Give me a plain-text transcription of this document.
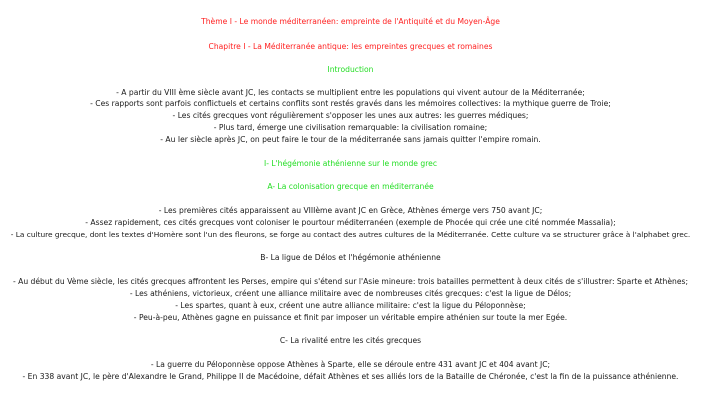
Thème I - Le monde méditerranéen: empreinte de l'Antiquité et du Moyen-Âge
Chapitre I - La Méditerranée antique: les empreintes grecques et romaines
Introduction
- A partir du VIII ème siècle avant JC, les contacts se multiplient entre les populations qui vivent autour de la Méditerranée;
- Ces rapports sont parfois conflictuels et certains conflits sont restés gravés dans les mémoires collectives: la mythique guerre de Troie;
- Les cités grecques vont régulièrement s'opposer les unes aux autres: les guerres médiques;
- Plus tard, émerge une civilisation remarquable: la civilisation romaine;
- Au Ier siècle après JC, on peut faire le tour de la méditerranée sans jamais quitter l'empire romain.
I- L'hégémonie athénienne sur le monde grec
A- La colonisation grecque en méditerranée
- Les premières cités apparaissent au VIIIème avant JC en Grèce, Athènes émerge vers 750 avant JC;
- Assez rapidement, ces cités grecques vont coloniser le pourtour méditerranéen (exemple de Phocée qui crée une cité nommée Massalia);
- La culture grecque, dont les textes d'Homère sont l'un des fleurons, se forge au contact des autres cultures de la Méditerranée. Cette culture va se structurer grâce à l'alphabet grec.
B- La ligue de Délos et l'hégémonie athénienne
- Au début du Vème siècle, les cités grecques affrontent les Perses, empire qui s'étend sur l'Asie mineure: trois batailles permettent à deux cités de s'illustrer: Sparte et Athènes;
- Les athéniens, victorieux, créent une alliance militaire avec de nombreuses cités grecques: c'est la ligue de Délos;
- Les spartes, quant à eux, créent une autre alliance militaire: c'est la ligue du Péloponnèse;
- Peu-à-peu, Athènes gagne en puissance et finit par imposer un véritable empire athénien sur toute la mer Egée.
C- La rivalité entre les cités grecques
- La guerre du Péloponnèse oppose Athènes à Sparte, elle se déroule entre 431 avant JC et 404 avant JC;
- En 338 avant JC, le père d'Alexandre le Grand, Philippe II de Macédoine, défait Athènes et ses alliés lors de la Bataille de Chéronée, c'est la fin de la puissance athénienne.
